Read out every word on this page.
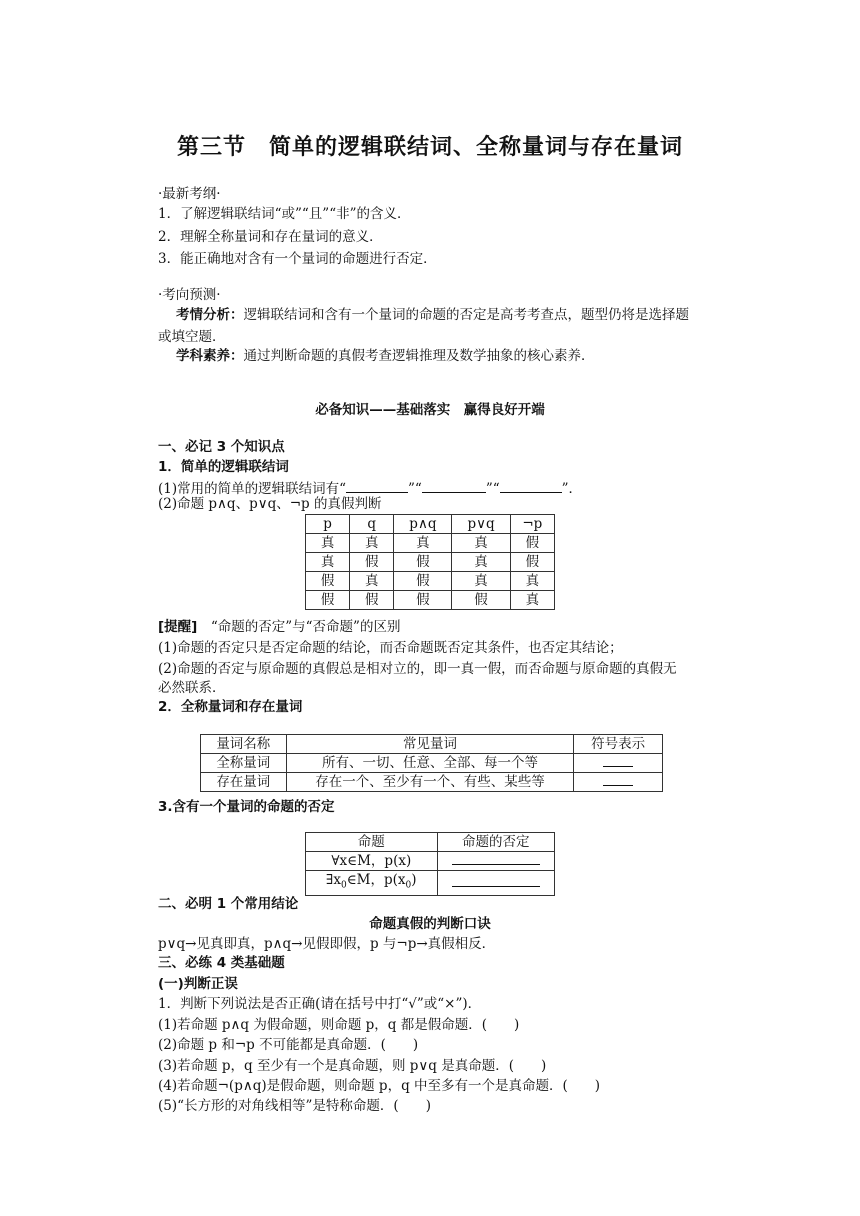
第三节　简单的逻辑联结词、全称量词与存在量词
·最新考纲·
1．了解逻辑联结词“或”“且”“非”的含义．
2．理解全称量词和存在量词的意义．
3．能正确地对含有一个量词的命题进行否定．
·考向预测·
考情分析：逻辑联结词和含有一个量词的命题的否定是高考考查点，题型仍将是选择题
或填空题．
学科素养：通过判断命题的真假考查逻辑推理及数学抽象的核心素养．
必备知识——基础落实　赢得良好开端
一、必记 3 个知识点
1．简单的逻辑联结词
(1)常用的简单的逻辑联结词有“	”“	”“	”．
(2)命题 p∧q、p∨q、¬p 的真假判断
p	q	p∧q	p∨q	¬p
真	真	真	真	假
真	假	假	真	假
假	真	假	真	真
假	假	假	假	真
[提醒]　“命题的否定”与“否命题”的区别
(1)命题的否定只是否定命题的结论，而否命题既否定其条件，也否定其结论；
(2)命题的否定与原命题的真假总是相对立的，即一真一假，而否命题与原命题的真假无
必然联系．
2．全称量词和存在量词
量词名称	常见量词	符号表示
全称量词	所有、一切、任意、全部、每一个等	
存在量词	存在一个、至少有一个、有些、某些等	
3.含有一个量词的命题的否定
命题	命题的否定
∀x∈M，p(x)	
$\exists x_0\in M$，$p(x_0)$	
二、必明 1 个常用结论
命题真假的判断口诀
p∨q→见真即真，p∧q→见假即假，p 与¬p→真假相反．
三、必练 4 类基础题
(一)判断正误
1．判断下列说法是否正确(请在括号中打“√”或“×”)．
(1)若命题 p∧q 为假命题，则命题 p，q 都是假命题．(　　)
(2)命题 p 和¬p 不可能都是真命题．(　　)
(3)若命题 p，q 至少有一个是真命题，则 p∨q 是真命题．(　　)
(4)若命题¬(p∧q)是假命题，则命题 p，q 中至多有一个是真命题．(　　)
(5)“长方形的对角线相等”是特称命题．(　　)
